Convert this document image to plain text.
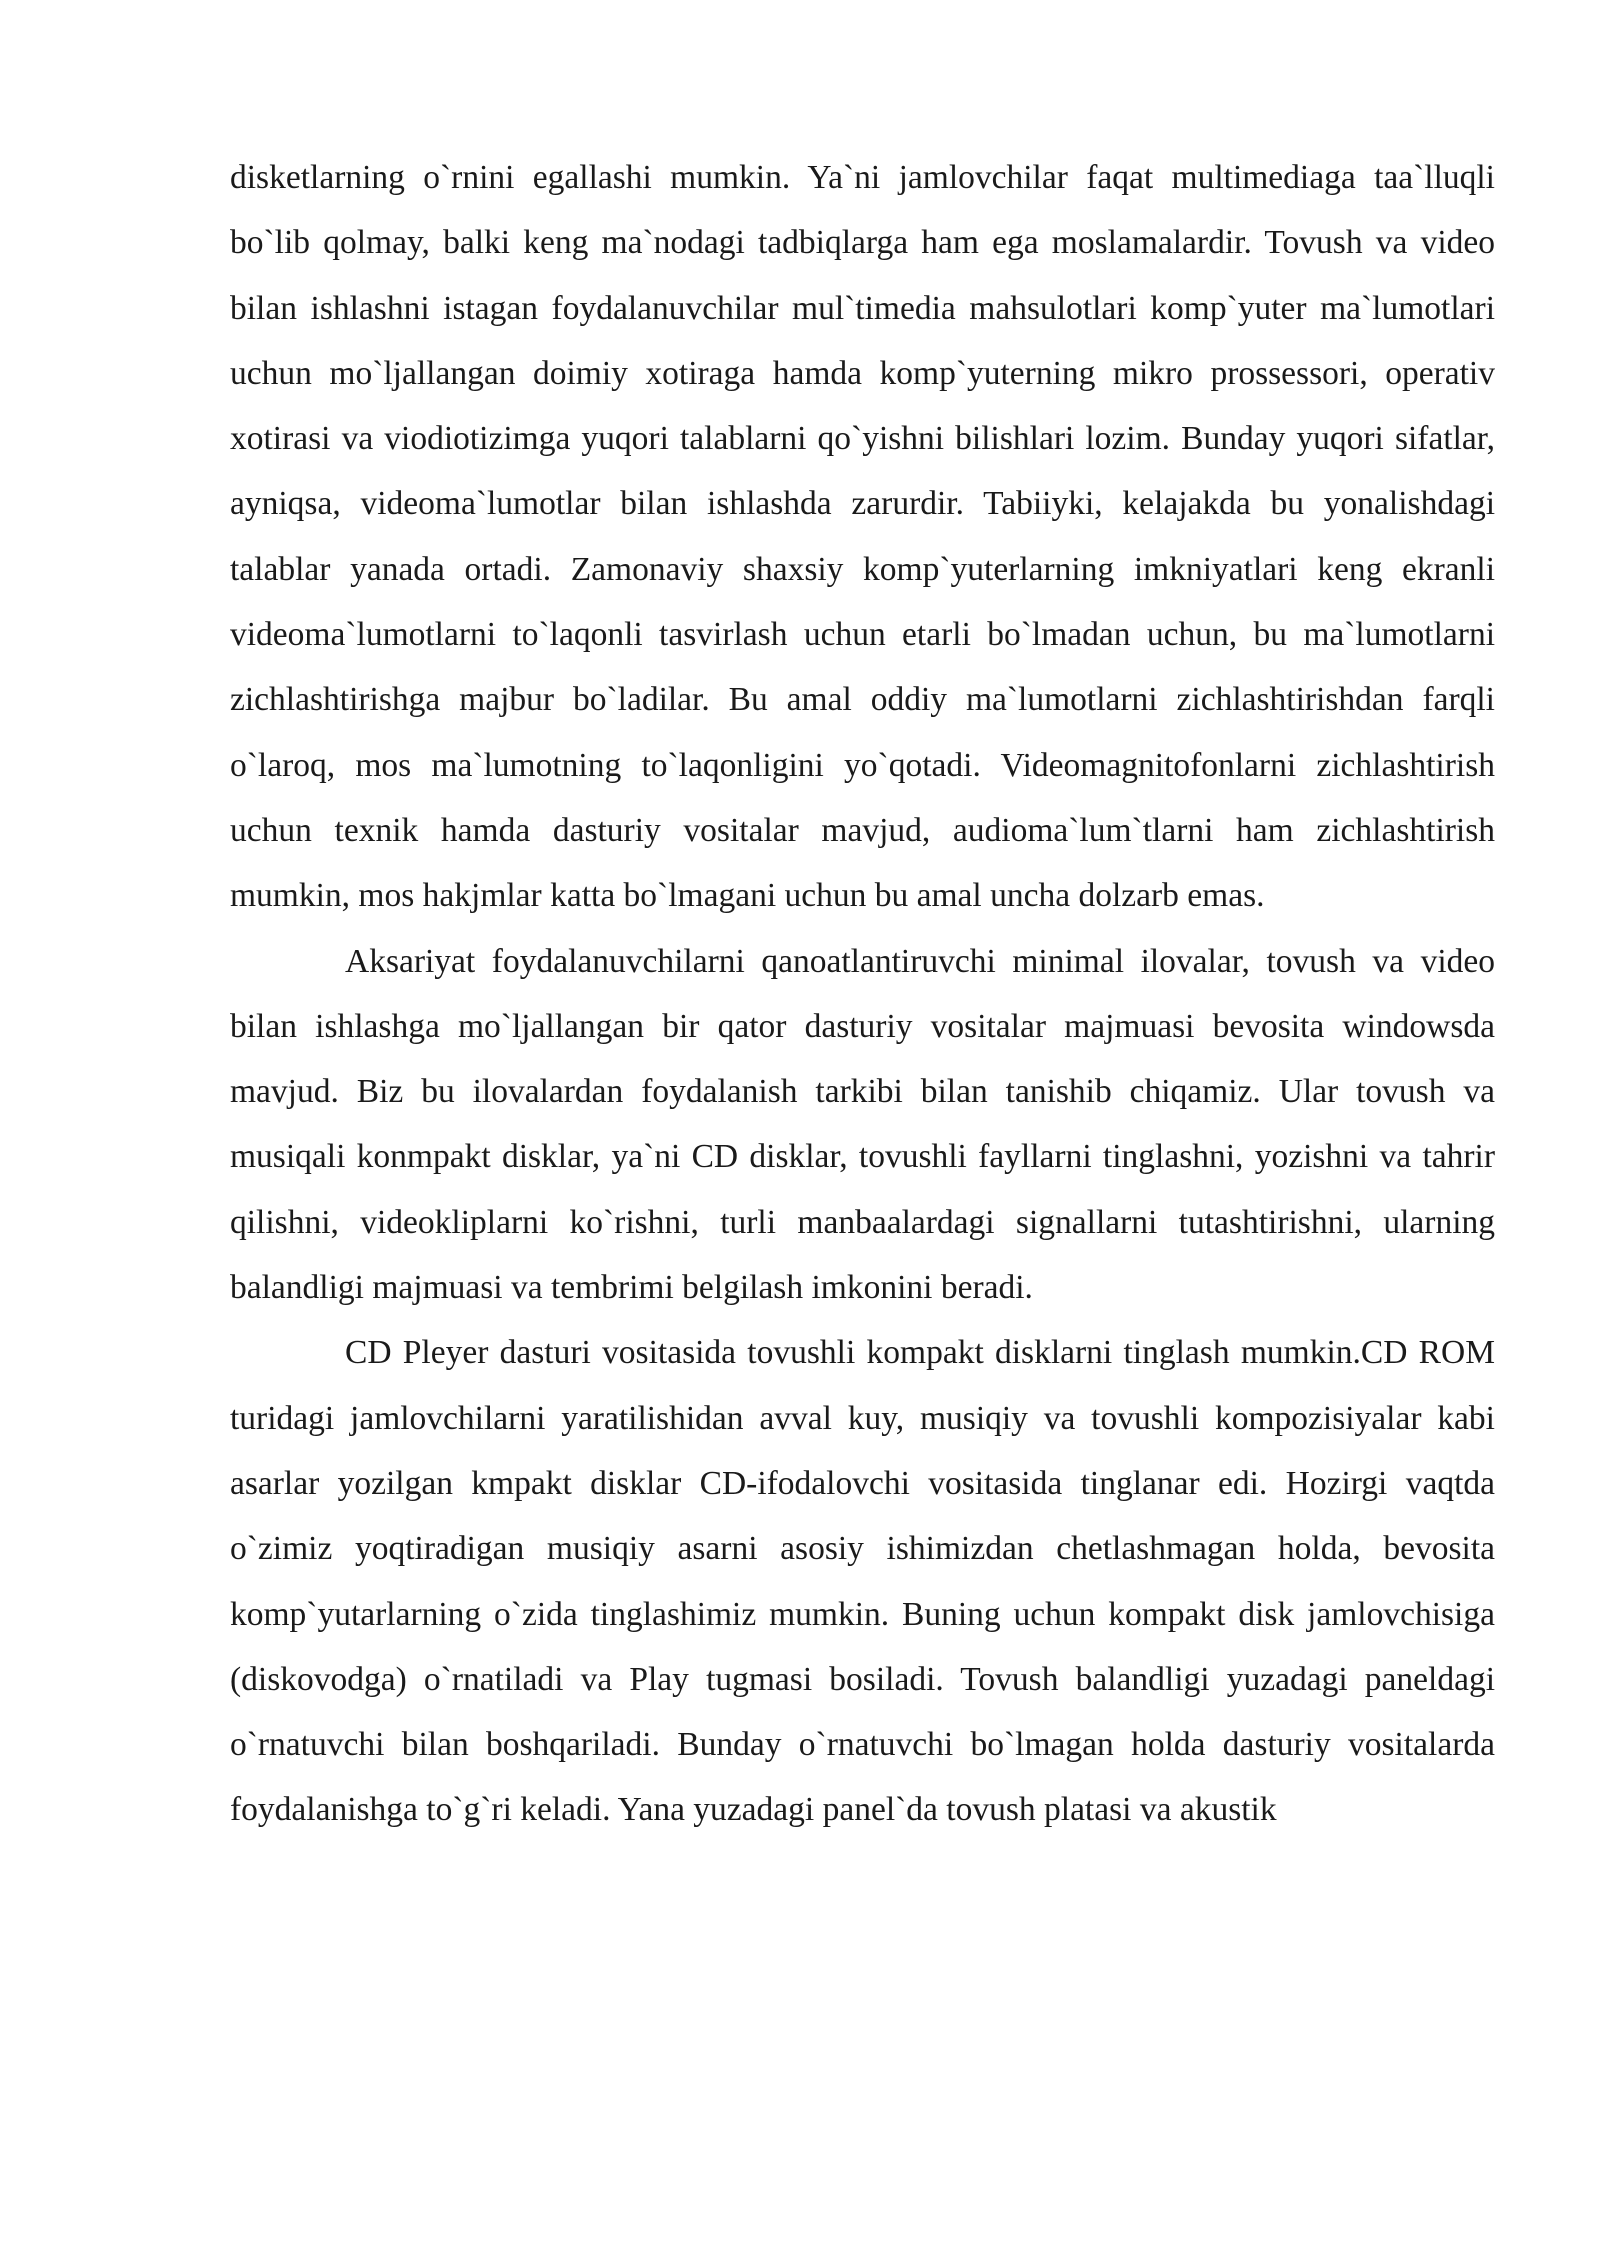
disketlarning o`rnini egallashi mumkin. Ya`ni jamlovchilar faqat multimediaga taa`lluqli bo`lib qolmay, balki keng ma`nodagi tadbiqlarga ham ega moslamalardir. Tovush va video bilan ishlashni istagan foydalanuvchilar mul`timedia mahsulotlari komp`yuter ma`lumotlari uchun mo`ljallangan doimiy xotiraga hamda komp`yuterning mikro prossessori, operativ xotirasi va viodiotizimga yuqori talablarni qo`yishni bilishlari lozim. Bunday yuqori sifatlar, ayniqsa, videoma`lumotlar bilan ishlashda zarurdir. Tabiiyki, kelajakda bu yonalishdagi talablar yanada ortadi. Zamonaviy shaxsiy komp`yuterlarning imkniyatlari keng ekranli videoma`lumotlarni to`laqonli tasvirlash uchun etarli bo`lmadan uchun, bu ma`lumotlarni zichlashtirishga majbur bo`ladilar. Bu amal oddiy ma`lumotlarni zichlashtirishdan farqli o`laroq, mos ma`lumotning to`laqonligini yo`qotadi. Videomagnitofonlarni zichlashtirish uchun texnik hamda dasturiy vositalar mavjud, audioma`lum`tlarni ham zichlashtirish mumkin, mos hakjmlar katta bo`lmagani uchun bu amal uncha dolzarb emas.

Aksariyat foydalanuvchilarni qanoatlantiruvchi minimal ilovalar, tovush va video bilan ishlashga mo`ljallangan bir qator dasturiy vositalar majmuasi bevosita windowsda mavjud. Biz bu ilovalardan foydalanish tarkibi bilan tanishib chiqamiz. Ular tovush va musiqali konmpakt disklar, ya`ni CD disklar, tovushli fayllarni tinglashni, yozishni va tahrir qilishni, videokliplarni ko`rishni, turli manbaalardagi signallarni tutashtirishni, ularning balandligi majmuasi va tembrimi belgilash imkonini beradi.

CD Pleyer dasturi vositasida tovushli kompakt disklarni tinglash mumkin.CD ROM turidagi jamlovchilarni yaratilishidan avval kuy, musiqiy va tovushli kompozisiyalar kabi asarlar yozilgan kmpakt disklar CD-ifodalovchi vositasida tinglanar edi. Hozirgi vaqtda o`zimiz yoqtiradigan musiqiy asarni asosiy ishimizdan chetlashmagan holda, bevosita komp`yutarlarning o`zida tinglashimiz mumkin. Buning uchun kompakt disk jamlovchisiga (diskovodga) o`rnatiladi va Play tugmasi bosiladi. Tovush balandligi yuzadagi paneldagi o`rnatuvchi bilan boshqariladi. Bunday o`rnatuvchi bo`lmagan holda dasturiy vositalarda foydalanishga to`g`ri keladi. Yana yuzadagi panel`da tovush platasi va akustik
